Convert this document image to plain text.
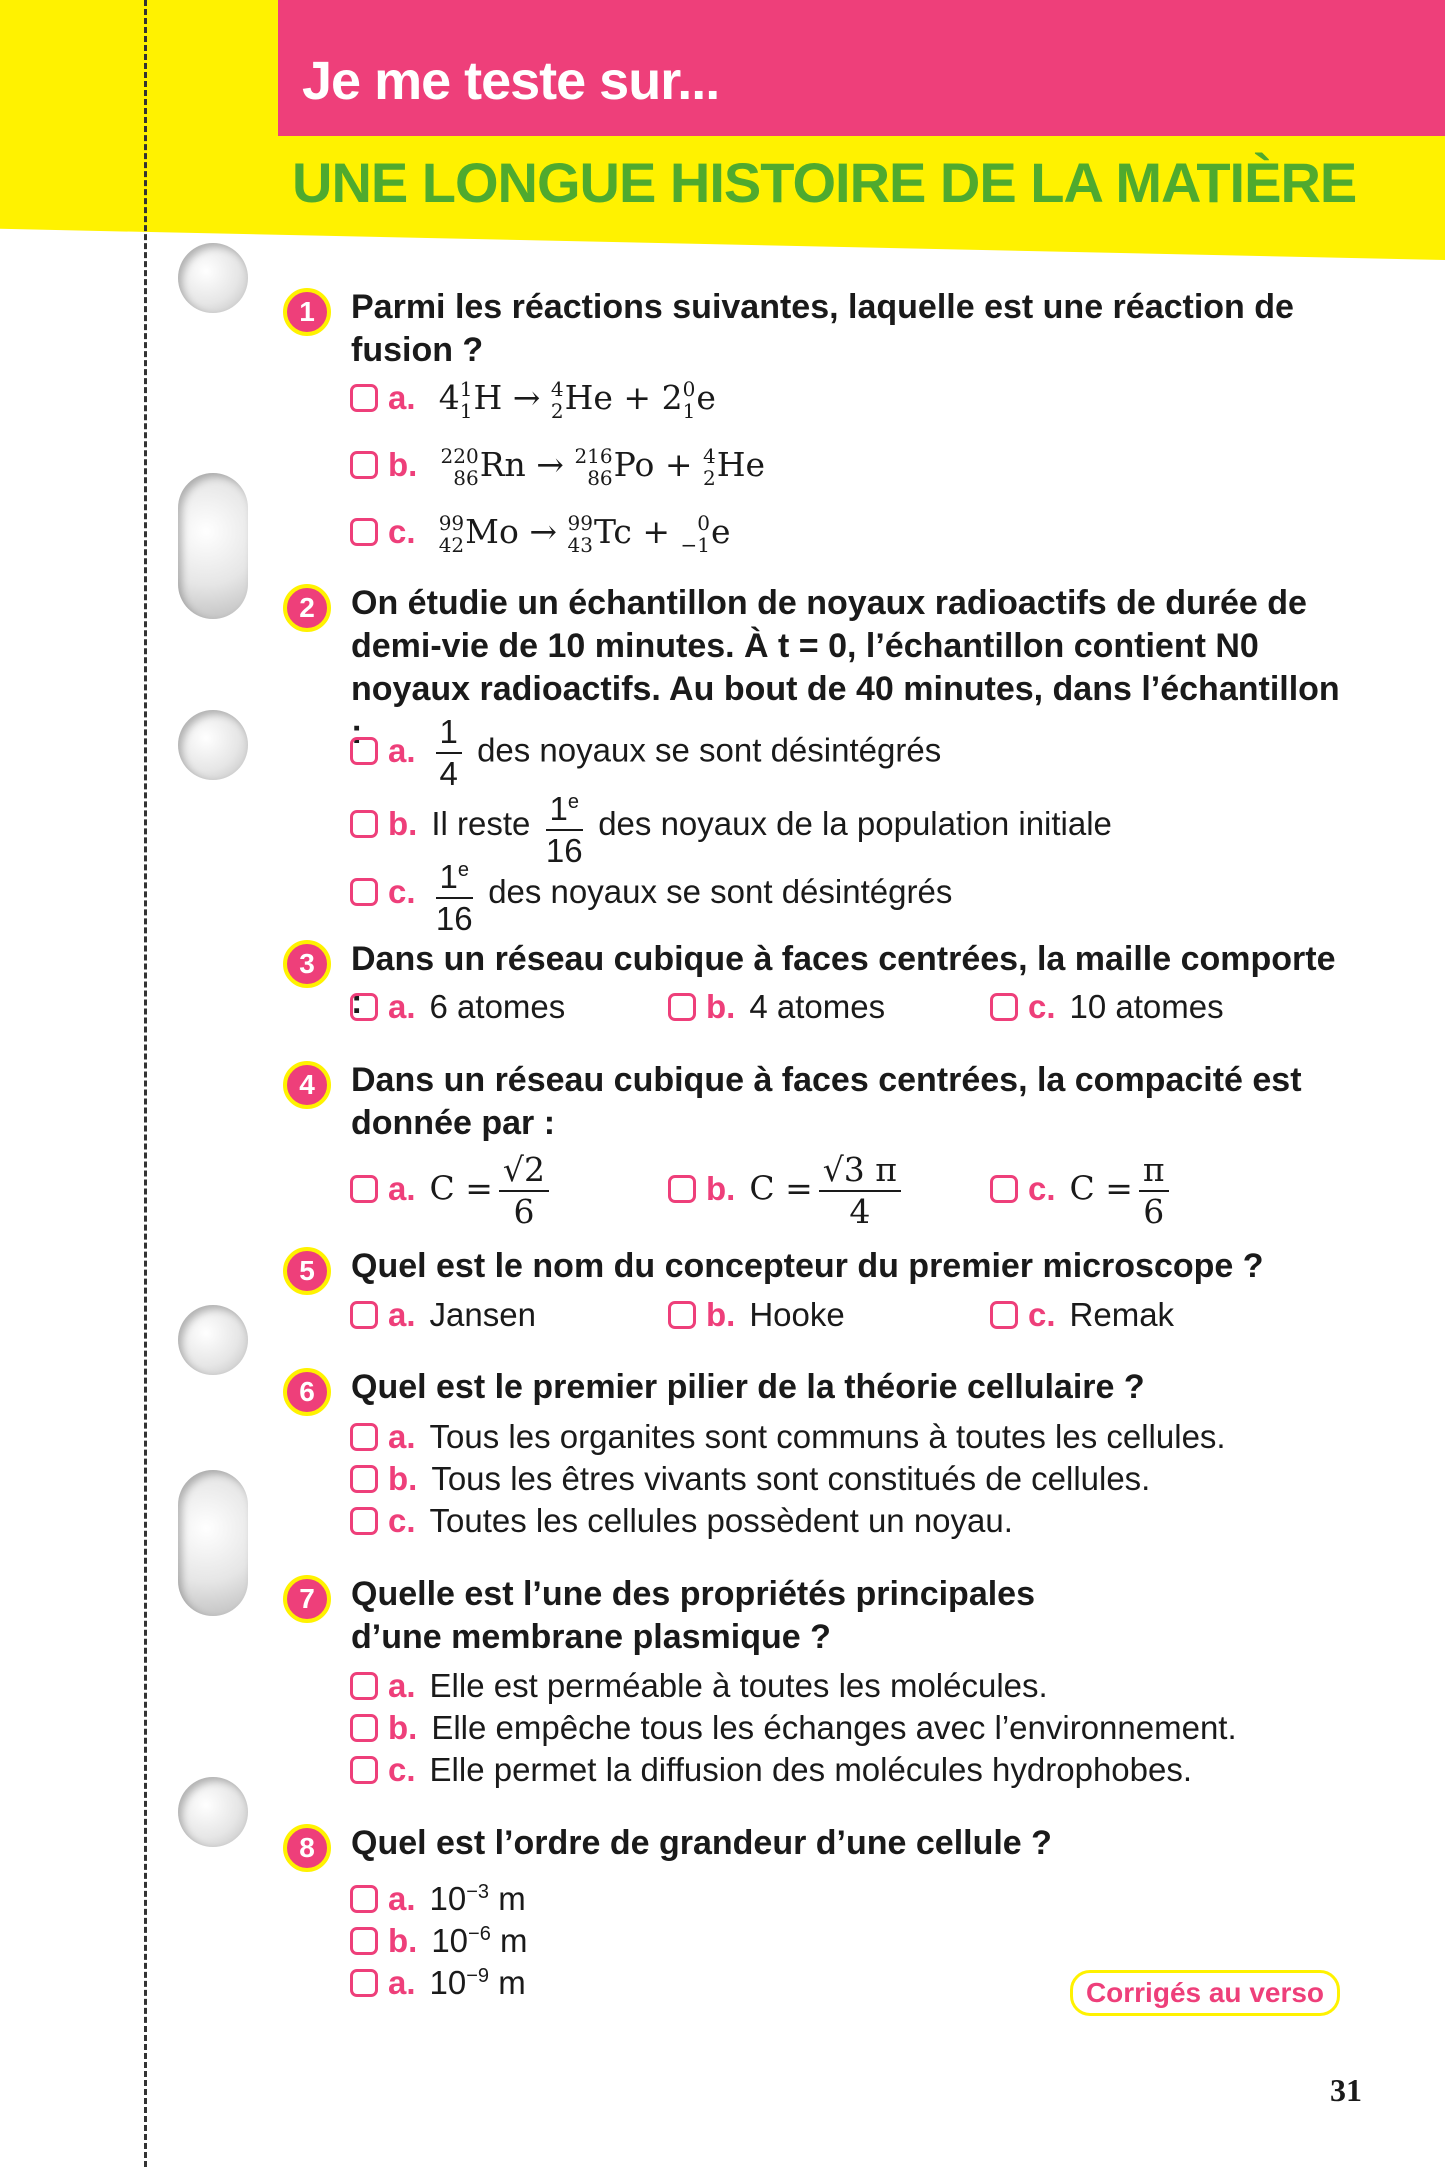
Je me teste sur...
UNE LONGUE HISTOIRE DE LA MATIÈRE
1	Parmi les réactions suivantes, laquelle est une réaction de fusion ?
a. 4 1
1 H → 4
2 He + 2 0
1 e
b. 220
86 Rn → 216
86 Po + 4
2 He
c. 99
42 Mo → 99
43 Tc +	0
−1 e
2	On étudie un échantillon de noyaux radioactifs de durée de demi-vie de 10 minutes. À t = 0, l’échantillon contient N0 noyaux radioactifs. Au bout de 40 minutes, dans l’échantillon : a. $\frac{1}{4}$ des noyaux se sont désintégrés
b. Il reste $\frac{1^e}{16}$ des noyaux de la population initiale
c. $\frac{1^e}{16}$ des noyaux se sont désintégrés
3	Dans un réseau cubique à faces centrées, la maille comporte : a. 6 atomes	b. 4 atomes	c. 10 atomes
4	Dans un réseau cubique à faces centrées, la compacité est donnée par :
a. $C = \frac{√2}{6}$	b. $C = \frac{√3 \pi}{4}$	c. $C = \frac{\pi}{6}$
5	Quel est le nom du concepteur du premier microscope ?
a. Jansen	b. Hooke	c. Remak
6	Quel est le premier pilier de la théorie cellulaire ?
a. Tous les organites sont communs à toutes les cellules.
b. Tous les êtres vivants sont constitués de cellules.
c. Toutes les cellules possèdent un noyau.
7	Quelle est l’une des propriétés principales d’une membrane plasmique ?
a. Elle est perméable à toutes les molécules.
b. Elle empêche tous les échanges avec l’environnement.
c. Elle permet la diffusion des molécules hydrophobes.
8	Quel est l’ordre de grandeur d’une cellule ?
a. $10^{-3}$ m
b. $10^{-6}$ m
a. $10^{-9}$ m	Corrigés au verso
31
